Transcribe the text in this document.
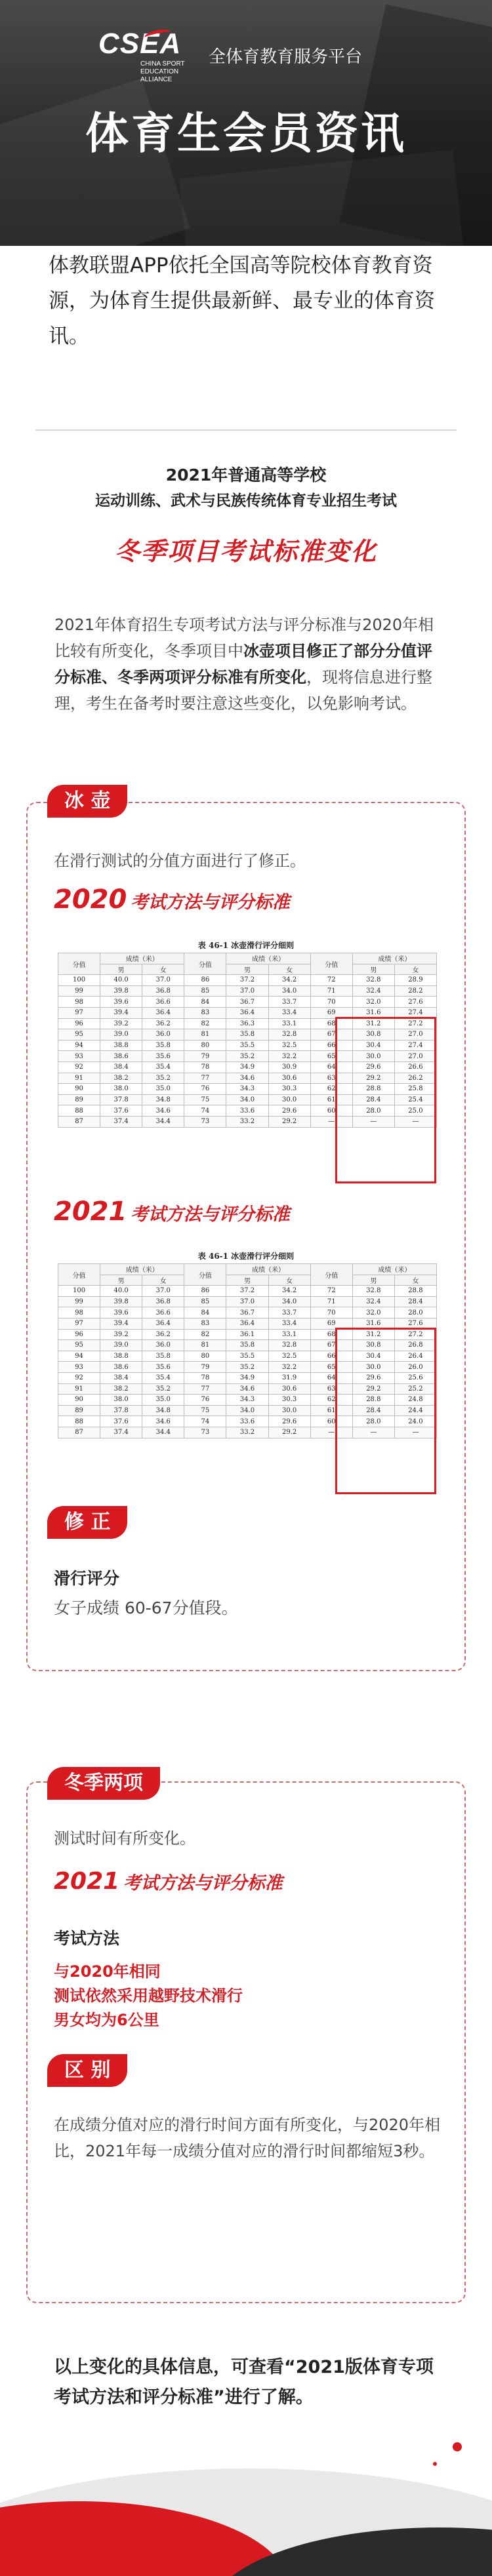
CSEA
CHINA SPORT
EDUCATION ALLIANCE
全体育教育服务平台
体育生会员资讯
体教联盟APP依托全国高等院校体育教育资源，为体育生提供最新鲜、最专业的体育资讯。
2021年普通高等学校
运动训练、武术与民族传统体育专业招生考试
冬季项目考试标准变化
2021年体育招生专项考试方法与评分标准与2020年相比较有所变化，冬季项目中冰壶项目修正了部分分值评分标准、冬季两项评分标准有所变化，现将信息进行整理，考生在备考时要注意这些变化，以免影响考试。
冰 壶
在滑行测试的分值方面进行了修正。
2020 考试方法与评分标准
表 46-1 冰壶滑行评分细则
分值	成绩（米）		分值	成绩（米）		分值	成绩（米）	
	男	女		男	女		男	女
100	40.0	37.0	86	37.2	34.2	72	32.8	28.9
99	39.8	36.8	85	37.0	34.0	71	32.4	28.2
98	39.6	36.6	84	36.7	33.7	70	32.0	27.6
97	39.4	36.4	83	36.4	33.4	69	31.6	27.4
96	39.2	36.2	82	36.3	33.1	68	31.2	27.2
95	39.0	36.0	81	35.8	32.8	67	30.8	27.0
94	38.8	35.8	80	35.5	32.5	66	30.4	27.4
93	38.6	35.6	79	35.2	32.2	65	30.0	27.0
92	38.4	35.4	78	34.9	30.9	64	29.6	26.6
91	38.2	35.2	77	34.6	30.6	63	29.2	26.2
90	38.0	35.0	76	34.3	30.3	62	28.8	25.8
89	37.8	34.8	75	34.0	30.0	61	28.4	25.4
88	37.6	34.6	74	33.6	29.6	60	28.0	25.0
87	37.4	34.4	73	33.2	29.2	—	—	—
2021 考试方法与评分标准
表 46-1 冰壶滑行评分细则
分值	成绩（米）		分值	成绩（米）		分值	成绩（米）	
	男	女		男	女		男	女
100	40.0	37.0	86	37.2	34.2	72	32.8	28.8
99	39.8	36.8	85	37.0	34.0	71	32.4	28.4
98	39.6	36.6	84	36.7	33.7	70	32.0	28.0
97	39.4	36.4	83	36.4	33.4	69	31.6	27.6
96	39.2	36.2	82	36.1	33.1	68	31.2	27.2
95	39.0	36.0	81	35.8	32.8	67	30.8	26.8
94	38.8	35.8	80	35.5	32.5	66	30.4	26.4
93	38.6	35.6	79	35.2	32.2	65	30.0	26.0
92	38.4	35.4	78	34.9	31.9	64	29.6	25.6
91	38.2	35.2	77	34.6	30.6	63	29.2	25.2
90	38.0	35.0	76	34.3	30.3	62	28.8	24.8
89	37.8	34.8	75	34.0	30.0	61	28.4	24.4
88	37.6	34.6	74	33.6	29.6	60	28.0	24.0
87	37.4	34.4	73	33.2	29.2	—	—	—
修 正
滑行评分
女子成绩 60-67分值段。
冬季两项
测试时间有所变化。
2021 考试方法与评分标准
考试方法
与2020年相同
测试依然采用越野技术滑行
男女均为6公里
区 别
在成绩分值对应的滑行时间方面有所变化，与2020年相比，2021年每一成绩分值对应的滑行时间都缩短3秒。
以上变化的具体信息，可查看“2021版体育专项考试方法和评分标准”进行了解。
